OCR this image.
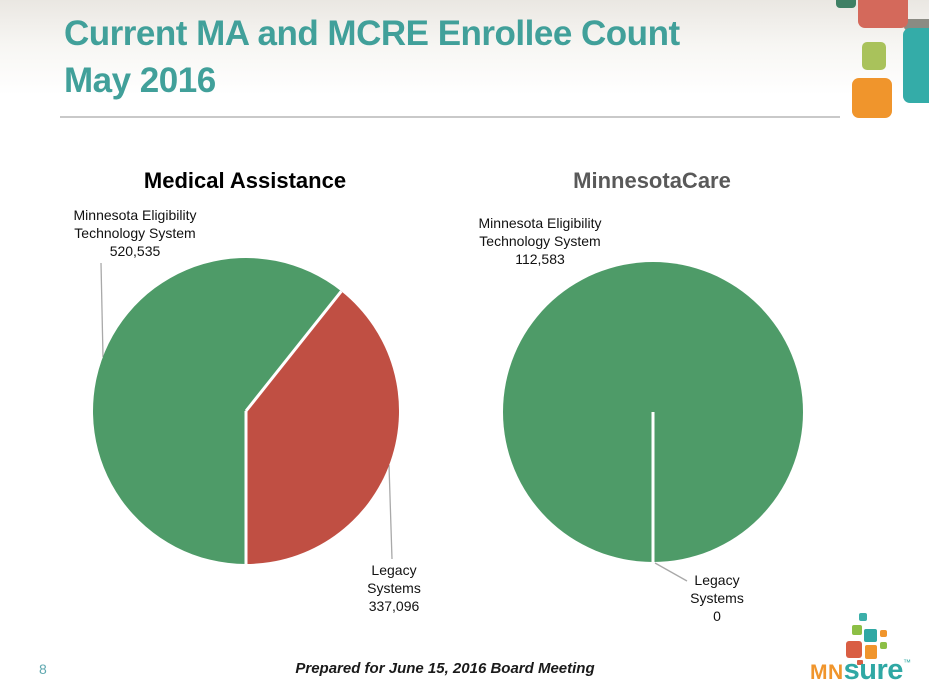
Current MA and MCRE Enrollee Count
May 2016
Medical Assistance
Minnesota Eligibility Technology System
520,535
Legacy Systems
337,096
MinnesotaCare
Minnesota Eligibility Technology System
112,583
Legacy Systems
0
8	Prepared for June 15, 2016 Board Meeting	MNsure™
